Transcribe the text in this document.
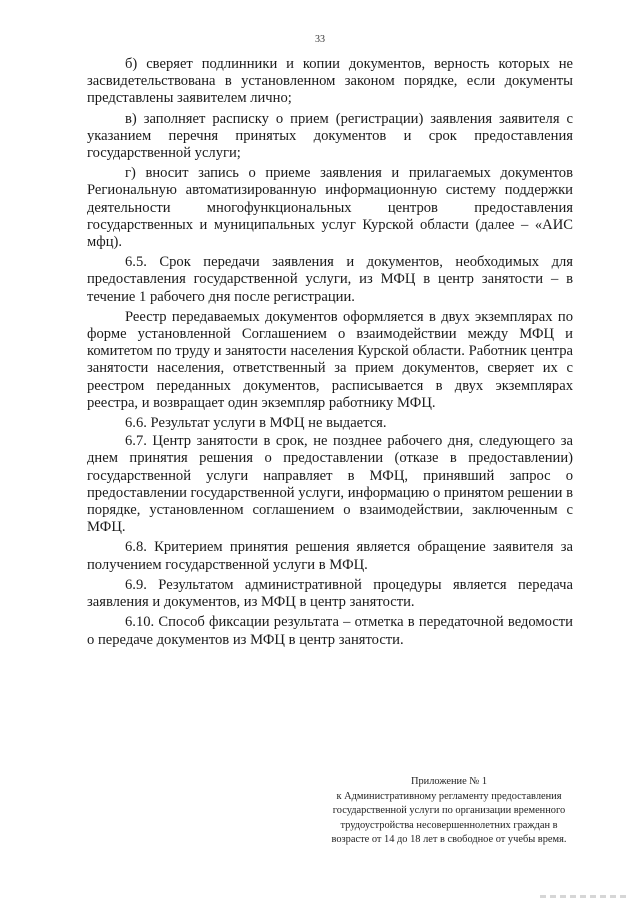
33

б) сверяет подлинники и копии документов, верность которых не засвидетельствована в установленном законом порядке, если документы представлены заявителем лично;

в) заполняет расписку о прием (регистрации) заявления заявителя с указанием перечня принятых документов и срок предоставления государственной услуги;

г) вносит запись о приеме заявления и прилагаемых документов Региональную автоматизированную информационную систему поддержки деятельности многофункциональных центров предоставления государственных и муниципальных услуг Курской области (далее – «АИС мфц).

6.5. Срок передачи заявления и документов, необходимых для предоставления государственной услуги, из МФЦ в центр занятости – в течение 1 рабочего дня после регистрации.

Реестр передаваемых документов оформляется в двух экземплярах по форме установленной Соглашением о взаимодействии между МФЦ и комитетом по труду и занятости населения Курской области. Работник центра занятости населения, ответственный за прием документов, сверяет их с реестром переданных документов, расписывается в двух экземплярах реестра, и возвращает один экземпляр работнику МФЦ.

6.6. Результат услуги в МФЦ не выдается.

6.7. Центр занятости в срок, не позднее рабочего дня, следующего за днем принятия решения о предоставлении (отказе в предоставлении) государственной услуги направляет в МФЦ, принявший запрос о предоставлении государственной услуги, информацию о принятом решении в порядке, установленном соглашением о взаимодействии, заключенным с МФЦ.

6.8. Критерием принятия решения является обращение заявителя за получением государственной услуги в МФЦ.

6.9. Результатом административной процедуры является передача заявления и документов, из МФЦ в центр занятости.

6.10. Способ фиксации результата – отметка в передаточной ведомости о передаче документов из МФЦ в центр занятости.

Приложение № 1
к Административному регламенту предоставления
государственной услуги по организации временного
трудоустройства несовершеннолетних граждан в
возрасте от 14 до 18 лет в свободное от учебы время.
